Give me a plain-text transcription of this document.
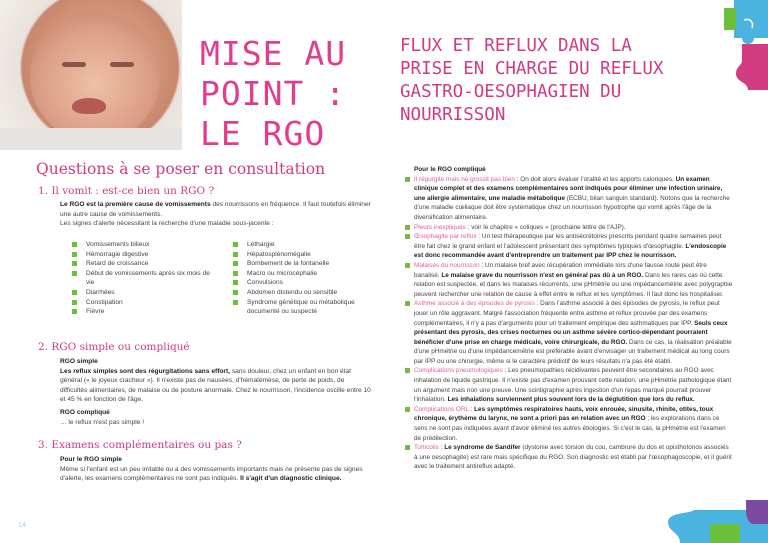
MISE AU
POINT :
LE RGO
Questions à se poser en consultation
1. Il vomit : est-ce bien un RGO ?
Le RGO est la première cause de vomissements des nourrissons en fréquence. Il faut toutefois éliminer une autre cause de vomissements.
Les signes d'alerte nécessitant la recherche d'une maladie sous-jacente :
Vomissements bilieux
Hémorragie digestive
Retard de croissance
Début de vomissements après six mois de vie
Diarrhées
Constipation
Fièvre
Léthargie
Hépatosplénomégalie
Bombement de la fontanelle
Macro ou microcéphalie
Convulsions
Abdomen distendu ou sensible
Syndrome génétique ou métabolique documenté ou suspecté
2. RGO simple ou compliqué
RGO simple
Les reflux simples sont des régurgitations sans effort, sans douleur, chez un enfant en bon état général (« le joyeux cracheur »). Il n'existe pas de nausées, d'hématémèse, de perte de poids, de difficultés alimentaires, de malaise ou de posture anormale. Chez le nourrisson, l'incidence oscille entre 10 et 45 % en fonction de l'âge.
RGO compliqué
… le reflux n'est pas simple !
3. Examens complémentaires ou pas ?
Pour le RGO simple
Même si l'enfant est un peu irritable ou a des vomissements importants mais ne présente pas de signes d'alerte, les examens complémentaires ne sont pas indiqués. Il s'agit d'un diagnostic clinique.
14
FLUX ET REFLUX DANS LA
PRISE EN CHARGE DU REFLUX
GASTRO-OESOPHAGIEN DU
NOURRISSON
Pour le RGO compliqué
Il régurgite mais ne grossit pas bien : On doit alors évaluer l'oralité et les apports caloriques. Un examen clinique complet et des examens complémentaires sont indiqués pour éliminer une infection urinaire, une allergie alimentaire, une maladie métabolique (ECBU, bilan sanguin standard). Notons que la recherche d'une maladie cœliaque doit être systématique chez un nourrisson hypotrophe qui vomit après l'âge de la diversification alimentaire.
Pleurs inexpliqués : voir le chapitre « coliques » (prochaine lettre de l'AJP).
Œsophagite par reflux : Un test thérapeutique par les antisécrétoires prescrits pendant quatre semaines peut être fait chez le grand enfant et l'adolescent présentant des symptômes typiques d'œsophagite. L'endoscopie est donc recommandée avant d'entreprendre un traitement par IPP chez le nourrisson.
Malaises du nourrisson : Un malaise bref avec récupération immédiate lors d'une fausse route peut être banalisé. Le malaise grave du nourrisson n'est en général pas dû à un RGO. Dans les rares cas où cette relation est suspectée, et dans les malaises récurrents, une pHmétrie ou une impédancemétrie avec polygraphie peuvent rechercher une relation de cause à effet entre le reflux et les symptômes. Il faut donc les hospitaliser.
Asthme associé à des épisodes de pyrosis : Dans l'asthme associé à des épisodes de pyrosis, le reflux peut jouer un rôle aggravant. Malgré l'association fréquente entre asthme et reflux prouvée par des examens complémentaires, il n'y a pas d'arguments pour un traitement empirique des asthmatiques par IPP. Seuls ceux présentant des pyrosis, des crises nocturnes ou un asthme sévère cortico-dépendant pourraient bénéficier d'une prise en charge médicale, voire chirurgicale, du RGO. Dans ce cas, la réalisation préalable d'une pHmétrie ou d'une impédancemétrie est préférable avant d'envisager un traitement médical au long cours par IPP ou une chirurgie, même si le caractère prédictif de leurs résultats n'a pas été établi.
Complications pneumologiques : Les pneumopathies récidivantes peuvent être secondaires au RGO avec inhalation de liquide gastrique. Il n'existe pas d'examen prouvant cette relation, une pHmétrie pathologique étant un argument mais non une preuve. Une scintigraphie après ingestion d'un repas marqué pourrait prouver l'inhalation. Les inhalations surviennent plus souvent lors de la déglutition que lors du reflux.
Complications ORL : Les symptômes respiratoires hauts, voix enrouée, sinusite, rhinite, otites, toux chronique, érythème du larynx, ne sont a priori pas en relation avec un RGO ; les explorations dans ce sens ne sont pas indiquées avant d'avoir éliminé les autres étiologies. Si c'est le cas, la pHmétrie est l'examen de prédilection.
Torticolis : Le syndrome de Sandifer (dystonie avec torsion du cou, cambrure du dos et opisthotonos associés à une oesophagite) est rare mais spécifique du RGO. Son diagnostic est établi par l'œsophagoscopie, et il guérit avec le traitement antireflux adapté.
